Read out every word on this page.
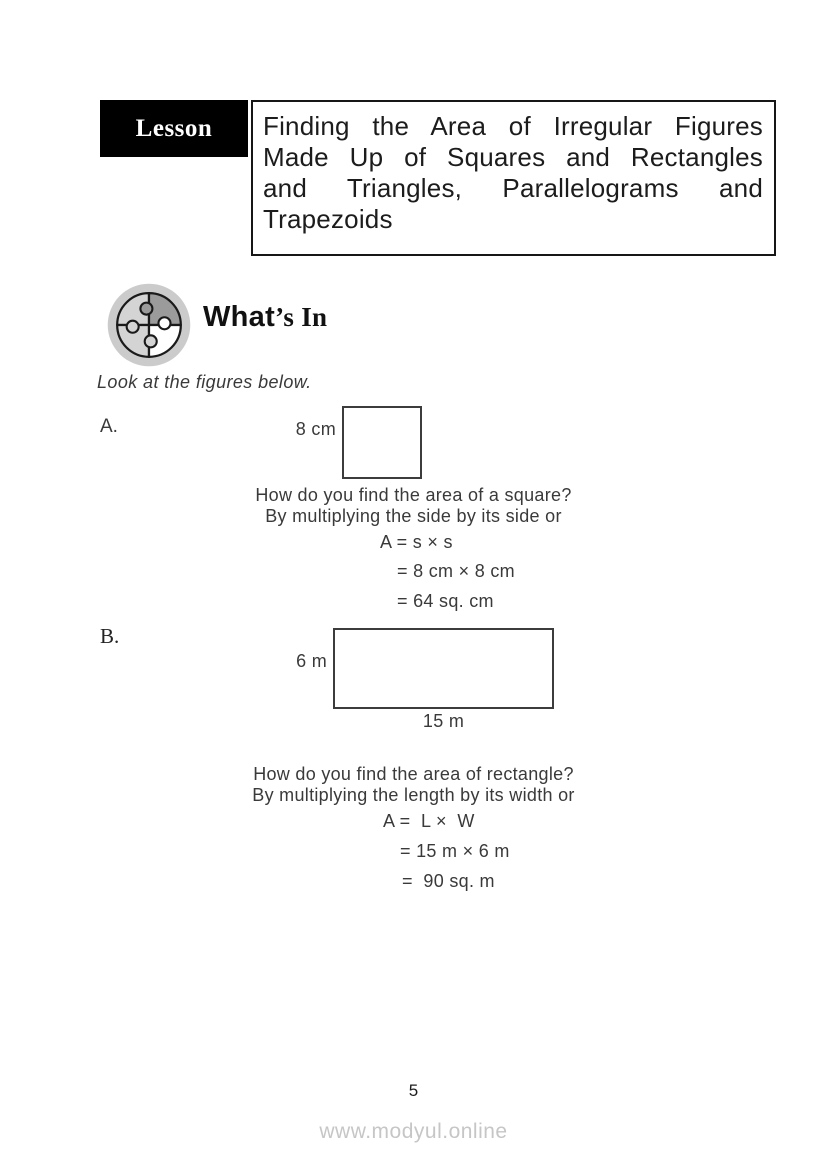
Lesson Finding the Area of Irregular Figures
Made Up of Squares and Rectangles
and Triangles, Parallelograms and
Trapezoids
What’s In
Look at the figures below.
A.	8 cm
How do you find the area of a square?
By multiplying the side by its side or
A = s × s
= 8 cm × 8 cm
= 64 sq. cm
B.
6 m
15 m
How do you find the area of rectangle?
By multiplying the length by its width or
A =  L ×  W
= 15 m × 6 m
=  90 sq. m
5
www.modyul.online
